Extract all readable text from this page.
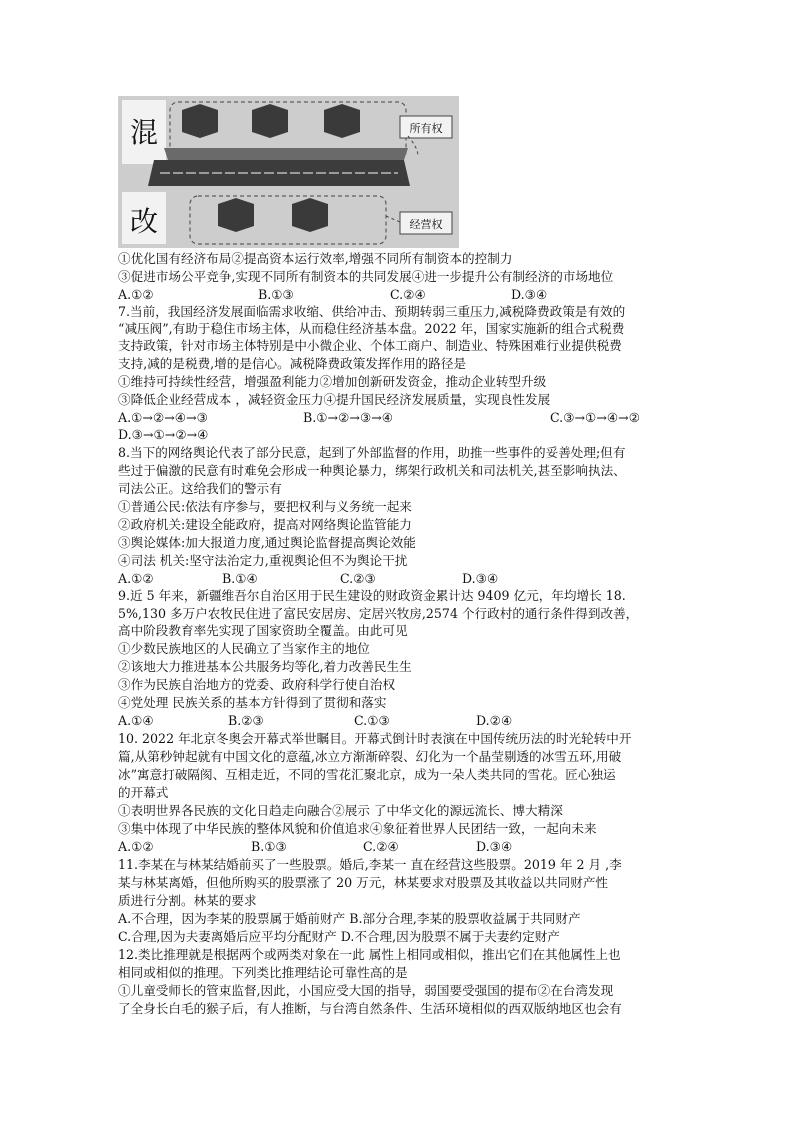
混
改
所有权
经营权
①优化国有经济布局②提高资本运行效率,增强不同所有制资本的控制力
③促进市场公平竞争,实现不同所有制资本的共同发展④进一步提升公有制经济的市场地位
A.①②	B.①③	C.②④	D.③④
7.当前，我国经济发展面临需求收缩、供给冲击、预期转弱三重压力,减税降费政策是有效的
“减压阀”,有助于稳住市场主体，从而稳住经济基本盘。2022 年，国家实施新的组合式税费
支持政策，针对市场主体特别是中小微企业、个体工商户、制造业、特殊困难行业提供税费
支持,减的是税费,增的是信心。减税降费政策发挥作用的路径是
①维持可持续性经营，增强盈利能力②增加创新研发资金，推动企业转型升级
③降低企业经营成本 ，减轻资金压力④提升国民经济发展质量，实现良性发展
A.①→②→④→③	B.①→②→③→④	C.③→①→④→②
D.③→①→②→④
8.当下的网络舆论代表了部分民意，起到了外部监督的作用，助推一些事件的妥善处理;但有
些过于偏激的民意有时难免会形成一种舆论暴力，绑架行政机关和司法机关,甚至影响执法、
司法公正。这给我们的警示有
①普通公民:依法有序参与，要把权利与义务统一起来
②政府机关:建设全能政府，提高对网络舆论监管能力
③舆论媒体:加大报道力度,通过舆论监督提高舆论效能
④司法 机关:坚守法治定力,重视舆论但不为舆论干扰
A.①②	B.①④	C.②③	D.③④
9.近 5 年来，新疆维吾尔自治区用于民生建设的财政资金累计达 9409 亿元，年均增长 18.
5%,130 多万户农牧民住进了富民安居房、定居兴牧房,2574 个行政村的通行条件得到改善，
高中阶段教育率先实现了国家资助全覆盖。由此可见
①少数民族地区的人民确立了当家作主的地位
②该地大力推进基本公共服务均等化,着力改善民生生
③作为民族自治地方的党委、政府科学行使自治权
④党处理 民族关系的基本方针得到了贯彻和落实
A.①④	B.②③	C.①③	D.②④
10. 2022 年北京冬奥会开幕式举世瞩目。开幕式倒计时表演在中国传统历法的时光轮转中开
篇,从第秒钟起就有中国文化的意蕴,冰立方渐渐碎裂、幻化为一个晶莹剔透的冰雪五环,用破
冰”寓意打破隔阂、互相走近，不同的雪花汇聚北京，成为一朵人类共同的雪花。匠心独运
的开幕式
①表明世界各民族的文化日趋走向融合②展示 了中华文化的源远流长、博大精深
③集中体现了中华民族的整体风貌和价值追求④象征着世界人民团结一致，一起向未来
A.①②	B.①③	C.②④	D.③④
11.李某在与林某结婚前买了一些股票。婚后,李某一 直在经营这些股票。2019 年 2 月 ,李
某与林某离婚，但他所购买的股票涨了 20 万元，林某要求对股票及其收益以共同财产性
质进行分割。林某的要求
A.不合理，因为李某的股票属于婚前财产 B.部分合理,李某的股票收益属于共同财产
C.合理,因为夫妻离婚后应平均分配财产 D.不合理,因为股票不属于夫妻约定财产
12.类比推理就是根据两个或两类对象在一此 属性上相同或相似，推出它们在其他属性上也
相同或相似的推理。下列类比推理结论可靠性高的是
①儿童受师长的管束监督,因此，小国应受大国的指导，弱国要受强国的提布②在台湾发现
了全身长白毛的猴子后，有人推断，与台湾自然条件、生活环境相似的西双版纳地区也会有
